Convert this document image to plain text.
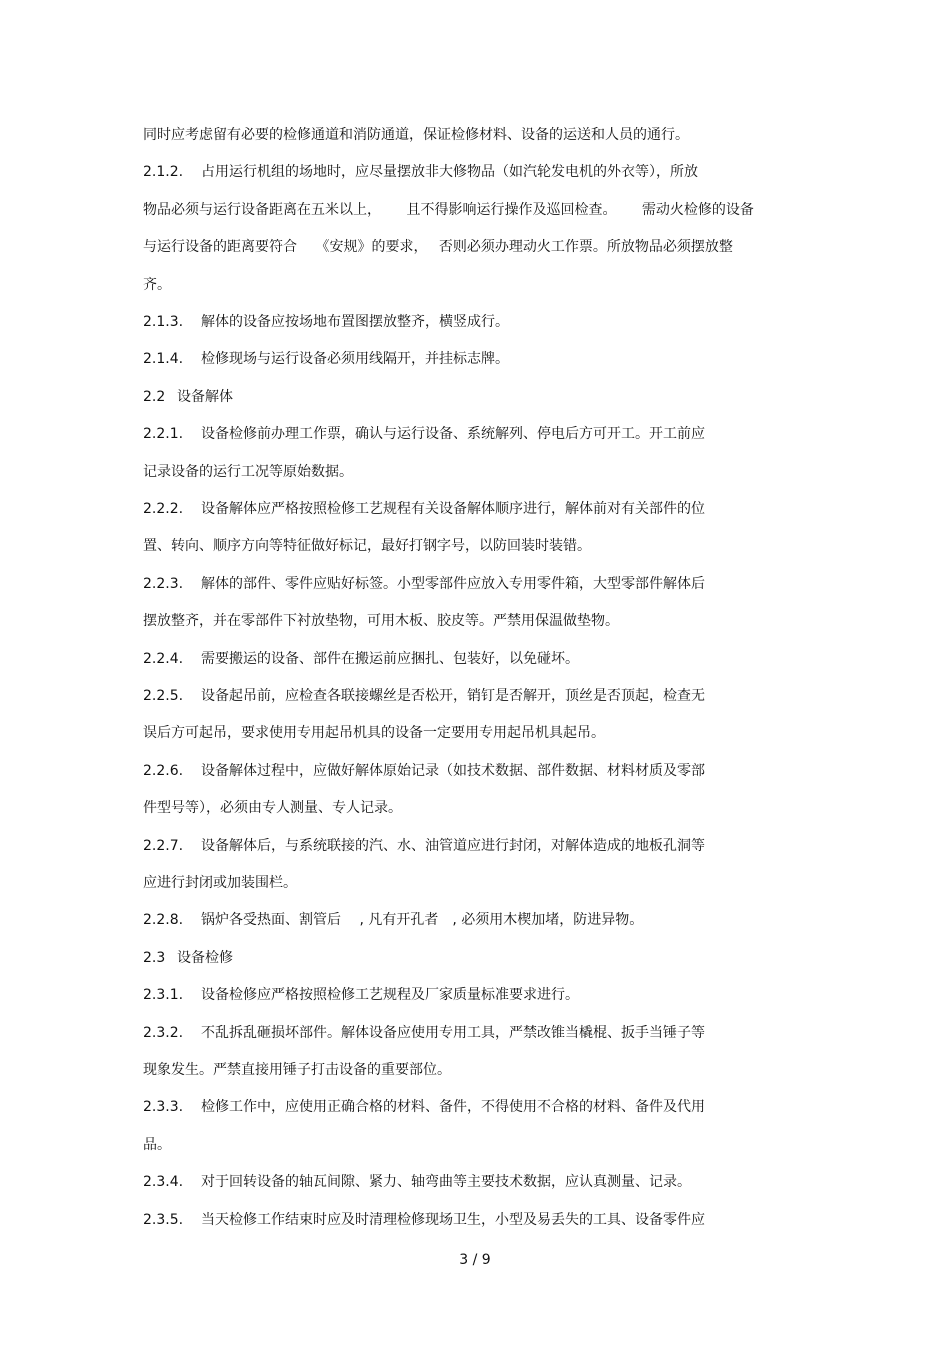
同时应考虑留有必要的检修通道和消防通道，保证检修材料、设备的运送和人员的通行。
2.1.2. 占用运行机组的场地时，应尽量摆放非大修物品（如汽轮发电机的外衣等），所放
物品必须与运行设备距离在五米以上，　　 且不得影响运行操作及巡回检查。　　 需动火检修的设备
与运行设备的距离要符合　 《安规》的要求，　 否则必须办理动火工作票。所放物品必须摆放整
齐。
2.1.3. 解体的设备应按场地布置图摆放整齐，横竖成行。
2.1.4. 检修现场与运行设备必须用线隔开，并挂标志牌。
2.2 设备解体
2.2.1. 设备检修前办理工作票，确认与运行设备、系统解列、停电后方可开工。开工前应
记录设备的运行工况等原始数据。
2.2.2. 设备解体应严格按照检修工艺规程有关设备解体顺序进行，解体前对有关部件的位
置、转向、顺序方向等特征做好标记，最好打钢字号，以防回装时装错。
2.2.3. 解体的部件、零件应贴好标签。小型零部件应放入专用零件箱，大型零部件解体后
摆放整齐，并在零部件下衬放垫物，可用木板、胶皮等。严禁用保温做垫物。
2.2.4. 需要搬运的设备、部件在搬运前应捆扎、包装好，以免碰坏。
2.2.5. 设备起吊前，应检查各联接螺丝是否松开，销钉是否解开，顶丝是否顶起，检查无
误后方可起吊，要求使用专用起吊机具的设备一定要用专用起吊机具起吊。
2.2.6. 设备解体过程中，应做好解体原始记录（如技术数据、部件数据、材料材质及零部
件型号等），必须由专人测量、专人记录。
2.2.7. 设备解体后，与系统联接的汽、水、油管道应进行封闭，对解体造成的地板孔洞等
应进行封闭或加装围栏。
2.2.8. 锅炉各受热面、割管后　 , 凡有开孔者　, 必须用木楔加堵，防进异物。
2.3 设备检修
2.3.1. 设备检修应严格按照检修工艺规程及厂家质量标准要求进行。
2.3.2. 不乱拆乱砸损坏部件。解体设备应使用专用工具，严禁改锥当橇棍、扳手当锤子等
现象发生。严禁直接用锤子打击设备的重要部位。
2.3.3. 检修工作中，应使用正确合格的材料、备件，不得使用不合格的材料、备件及代用
品。
2.3.4. 对于回转设备的轴瓦间隙、紧力、轴弯曲等主要技术数据，应认真测量、记录。
2.3.5. 当天检修工作结束时应及时清理检修现场卫生，小型及易丢失的工具、设备零件应
3 / 9
